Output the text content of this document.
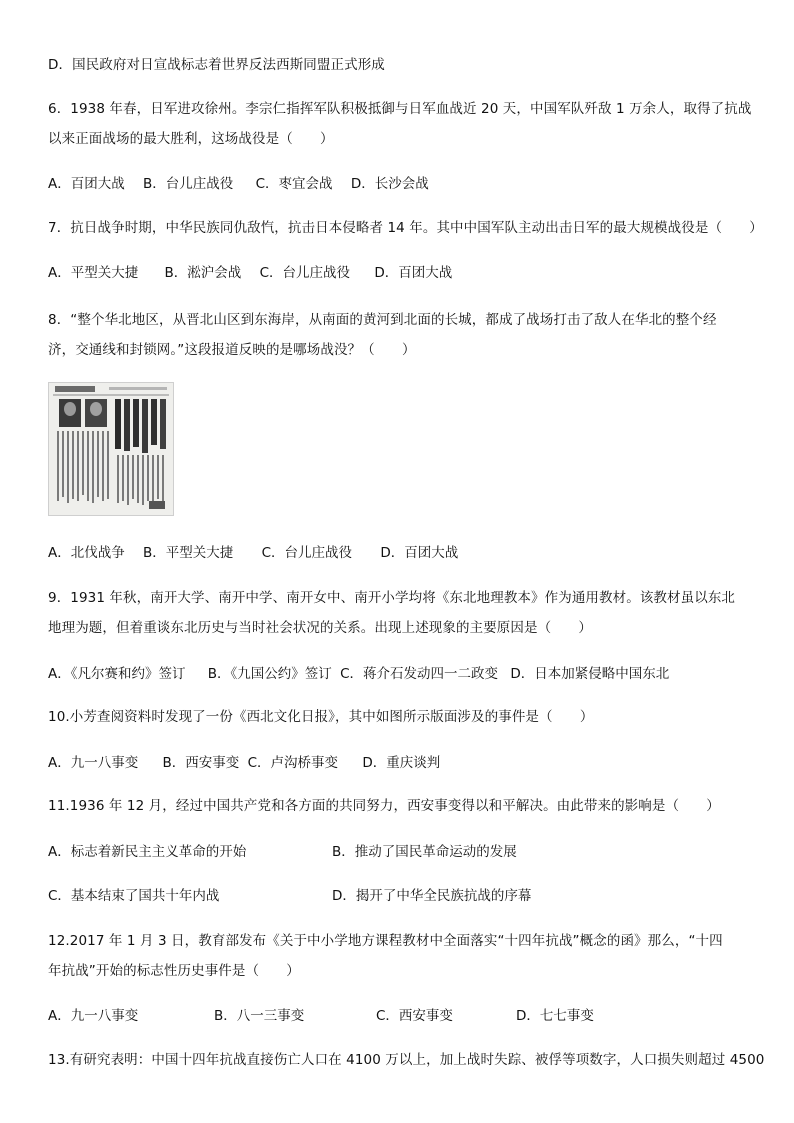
D．国民政府对日宣战标志着世界反法西斯同盟正式形成
6．1938 年春，日军进攻徐州。李宗仁指挥军队积极抵御与日军血战近 20 天，中国军队歼敌 1 万余人，取得了抗战
以来正面战场的最大胜利，这场战役是（　　）
A．百团大战 B．台儿庄战役 C．枣宜会战 D．长沙会战
7．抗日战争时期，中华民族同仇敌忾，抗击日本侵略者 14 年。其中中国军队主动出击日军的最大规模战役是（　　）
A．平型关大捷 B．淞沪会战 C．台儿庄战役 D．百团大战
8．“整个华北地区，从晋北山区到东海岸，从南面的黄河到北面的长城，都成了战场打击了敌人在华北的整个经
济，交通线和封锁网。”这段报道反映的是哪场战没？（　　）
A．北伐战争 B．平型关大捷 C．台儿庄战役 D．百团大战
9．1931 年秋，南开大学、南开中学、南开女中、南开小学均将《东北地理教本》作为通用教材。该教材虽以东北
地理为题，但着重谈东北历史与当时社会状况的关系。出现上述现象的主要原因是（　　）
A．《凡尔赛和约》签订 B．《九国公约》签订 C．蒋介石发动四一二政变 D．日本加紧侵略中国东北
10.小芳查阅资料时发现了一份《西北文化日报》，其中如图所示版面涉及的事件是（　　）
A．九一八事变 B．西安事变 C．卢沟桥事变 D．重庆谈判
11.1936 年 12 月，经过中国共产党和各方面的共同努力，西安事变得以和平解决。由此带来的影响是（　　）
A．标志着新民主主义革命的开始	B．推动了国民革命运动的发展
C．基本结束了国共十年内战	D．揭开了中华全民族抗战的序幕
12.2017 年 1 月 3 日，教育部发布《关于中小学地方课程教材中全面落实“十四年抗战”概念的函》那么，“十四
年抗战”开始的标志性历史事件是（　　）
A．九一八事变	B．八一三事变	C．西安事变	D．七七事变
13.有研究表明：中国十四年抗战直接伤亡人口在 4100 万以上，加上战时失踪、被俘等项数字，人口损失则超过 4500
